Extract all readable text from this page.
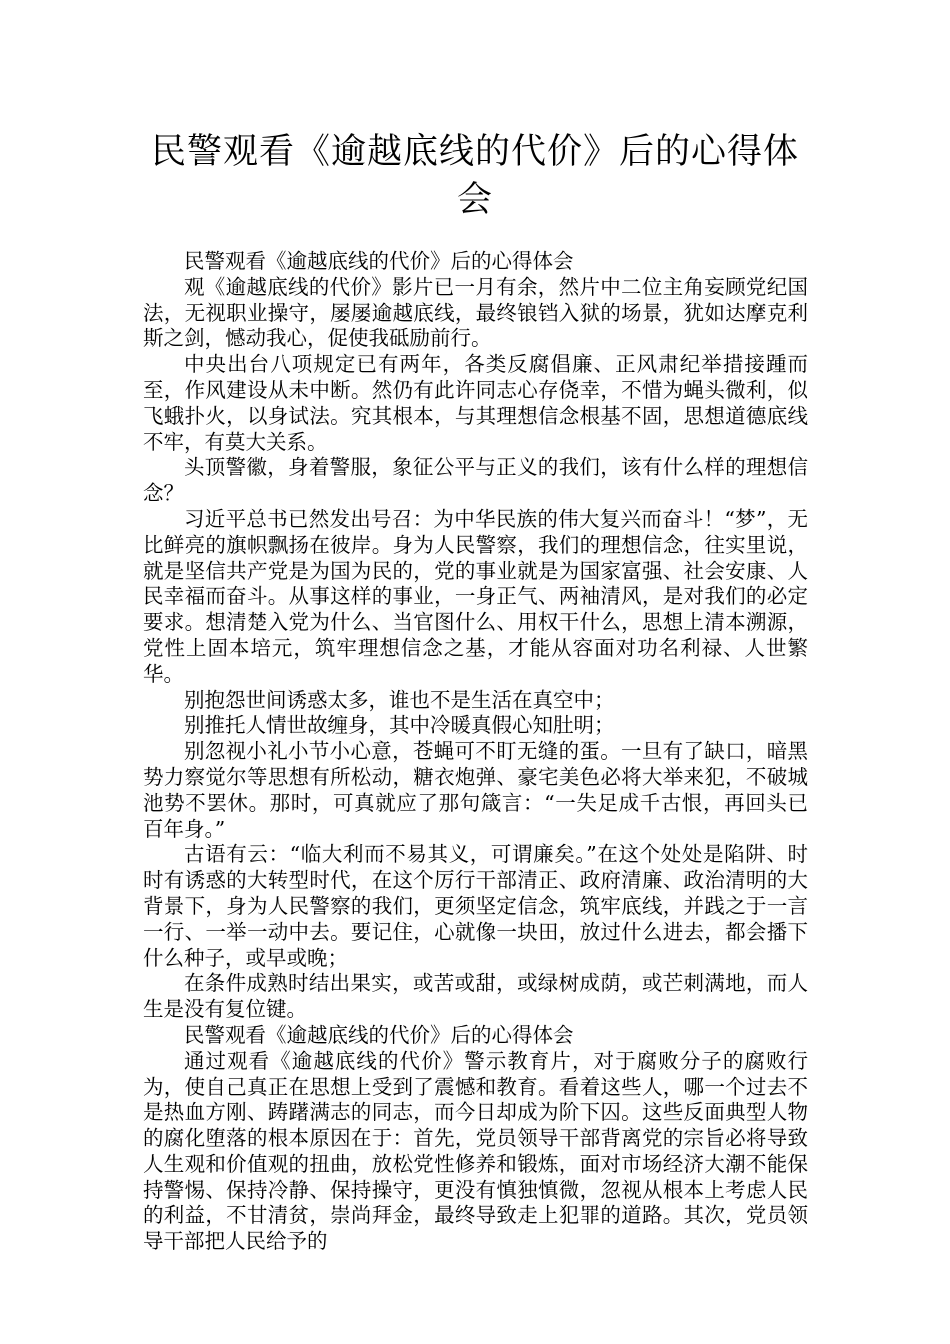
民警观看《逾越底线的代价》后的心得体会

民警观看《逾越底线的代价》后的心得体会

观《逾越底线的代价》影片已一月有余，然片中二位主角妄顾党纪国法，无视职业操守，屡屡逾越底线，最终锒铛入狱的场景，犹如达摩克利斯之剑，憾动我心，促使我砥励前行。

中央出台八项规定已有两年，各类反腐倡廉、正风肃纪举措接踵而至，作风建设从未中断。然仍有此许同志心存侥幸，不惜为蝇头微利，似飞蛾扑火，以身试法。究其根本，与其理想信念根基不固，思想道德底线不牢，有莫大关系。

头顶警徽，身着警服，象征公平与正义的我们，该有什么样的理想信念？

习近平总书已然发出号召：为中华民族的伟大复兴而奋斗！“梦”，无比鲜亮的旗帜飘扬在彼岸。身为人民警察，我们的理想信念，往实里说，就是坚信共产党是为国为民的，党的事业就是为国家富强、社会安康、人民幸福而奋斗。从事这样的事业，一身正气、两袖清风，是对我们的必定要求。想清楚入党为什么、当官图什么、用权干什么，思想上清本溯源，党性上固本培元，筑牢理想信念之基，才能从容面对功名利禄、人世繁华。

别抱怨世间诱惑太多，谁也不是生活在真空中；

别推托人情世故缠身，其中冷暖真假心知肚明；

别忽视小礼小节小心意，苍蝇可不盯无缝的蛋。一旦有了缺口，暗黑势力察觉尔等思想有所松动，糖衣炮弹、豪宅美色必将大举来犯，不破城池势不罢休。那时，可真就应了那句箴言：“一失足成千古恨，再回头已百年身。”

古语有云：“临大利而不易其义，可谓廉矣。”在这个处处是陷阱、时时有诱惑的大转型时代，在这个厉行干部清正、政府清廉、政治清明的大背景下，身为人民警察的我们，更须坚定信念，筑牢底线，并践之于一言一行、一举一动中去。要记住，心就像一块田，放过什么进去，都会播下什么种子，或早或晚；

在条件成熟时结出果实，或苦或甜，或绿树成荫，或芒刺满地，而人生是没有复位键。

民警观看《逾越底线的代价》后的心得体会

通过观看《逾越底线的代价》警示教育片，对于腐败分子的腐败行为，使自己真正在思想上受到了震憾和教育。看着这些人，哪一个过去不是热血方刚、踌躇满志的同志，而今日却成为阶下囚。这些反面典型人物的腐化堕落的根本原因在于：首先，党员领导干部背离党的宗旨必将导致人生观和价值观的扭曲，放松党性修养和锻炼，面对市场经济大潮不能保持警惕、保持冷静、保持操守，更没有慎独慎微，忽视从根本上考虑人民的利益，不甘清贫，崇尚拜金，最终导致走上犯罪的道路。其次，党员领导干部把人民给予的
